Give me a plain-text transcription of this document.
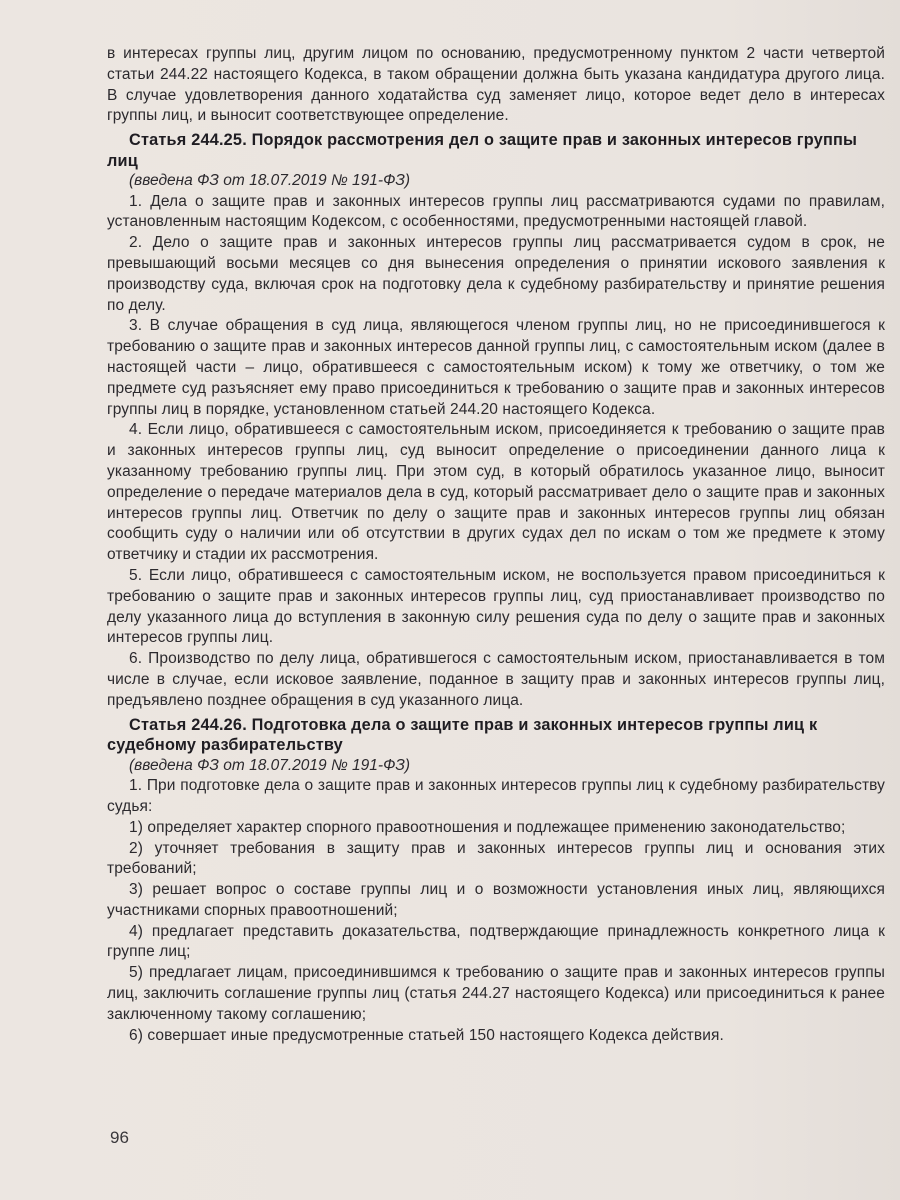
в интересах группы лиц, другим лицом по основанию, предусмотренному пунктом 2 части четвертой статьи 244.22 настоящего Кодекса, в таком обращении должна быть указана кандидатура другого лица. В случае удовлетворения данного ходатайства суд заменяет лицо, которое ведет дело в интересах группы лиц, и выносит соответствующее определение.

Статья 244.25. Порядок рассмотрения дел о защите прав и законных интересов группы лиц

(введена ФЗ от 18.07.2019 № 191-ФЗ)

1. Дела о защите прав и законных интересов группы лиц рассматриваются судами по правилам, установленным настоящим Кодексом, с особенностями, предусмотренными настоящей главой.

2. Дело о защите прав и законных интересов группы лиц рассматривается судом в срок, не превышающий восьми месяцев со дня вынесения определения о принятии искового заявления к производству суда, включая срок на подготовку дела к судебному разбирательству и принятие решения по делу.

3. В случае обращения в суд лица, являющегося членом группы лиц, но не присоединившегося к требованию о защите прав и законных интересов данной группы лиц, с самостоятельным иском (далее в настоящей части – лицо, обратившееся с самостоятельным иском) к тому же ответчику, о том же предмете суд разъясняет ему право присоединиться к требованию о защите прав и законных интересов группы лиц в порядке, установленном статьей 244.20 настоящего Кодекса.

4. Если лицо, обратившееся с самостоятельным иском, присоединяется к требованию о защите прав и законных интересов группы лиц, суд выносит определение о присоединении данного лица к указанному требованию группы лиц. При этом суд, в который обратилось указанное лицо, выносит определение о передаче материалов дела в суд, который рассматривает дело о защите прав и законных интересов группы лиц. Ответчик по делу о защите прав и законных интересов группы лиц обязан сообщить суду о наличии или об отсутствии в других судах дел по искам о том же предмете к этому ответчику и стадии их рассмотрения.

5. Если лицо, обратившееся с самостоятельным иском, не воспользуется правом присоединиться к требованию о защите прав и законных интересов группы лиц, суд приостанавливает производство по делу указанного лица до вступления в законную силу решения суда по делу о защите прав и законных интересов группы лиц.

6. Производство по делу лица, обратившегося с самостоятельным иском, приостанавливается в том числе в случае, если исковое заявление, поданное в защиту прав и законных интересов группы лиц, предъявлено позднее обращения в суд указанного лица.

Статья 244.26. Подготовка дела о защите прав и законных интересов группы лиц к судебному разбирательству

(введена ФЗ от 18.07.2019 № 191-ФЗ)

1. При подготовке дела о защите прав и законных интересов группы лиц к судебному разбирательству судья:

1) определяет характер спорного правоотношения и подлежащее применению законодательство;

2) уточняет требования в защиту прав и законных интересов группы лиц и основания этих требований;

3) решает вопрос о составе группы лиц и о возможности установления иных лиц, являющихся участниками спорных правоотношений;

4) предлагает представить доказательства, подтверждающие принадлежность конкретного лица к группе лиц;

5) предлагает лицам, присоединившимся к требованию о защите прав и законных интересов группы лиц, заключить соглашение группы лиц (статья 244.27 настоящего Кодекса) или присоединиться к ранее заключенному такому соглашению;

6) совершает иные предусмотренные статьей 150 настоящего Кодекса действия.

96
